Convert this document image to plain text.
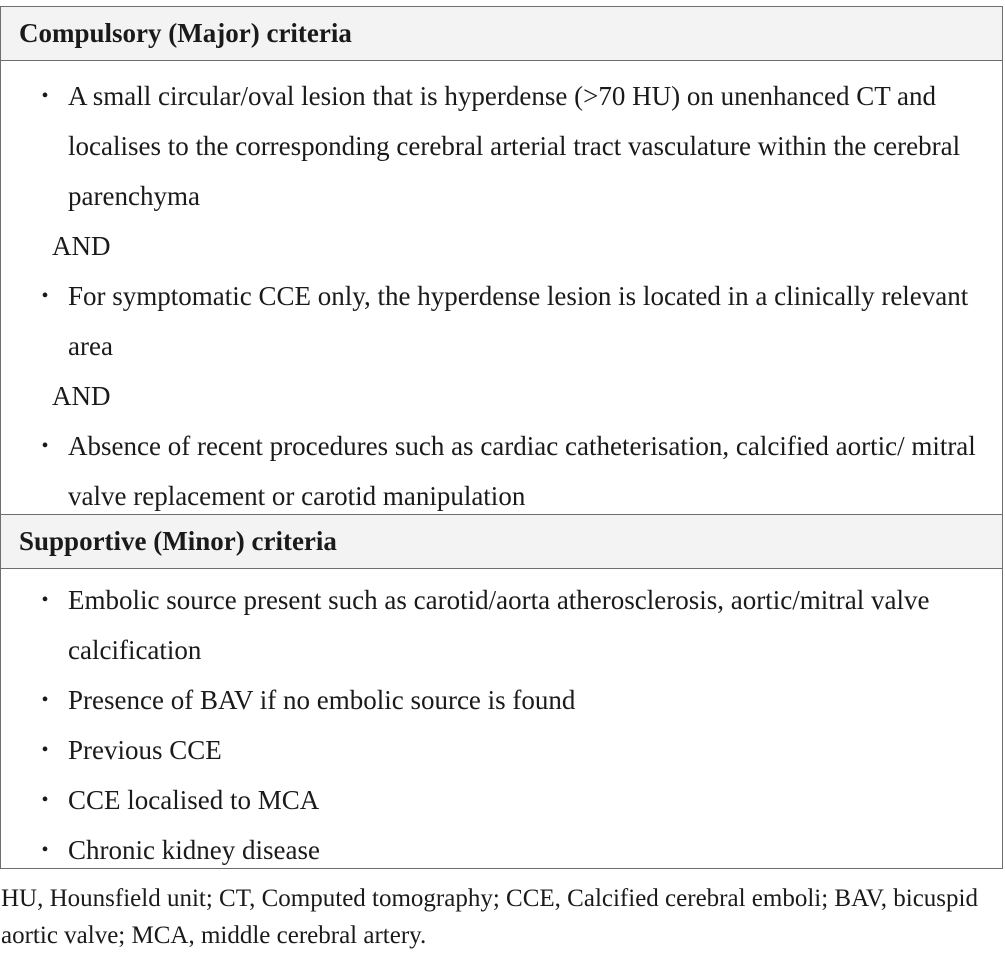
Compulsory (Major) criteria
• A small circular/oval lesion that is hyperdense (>70 HU) on unenhanced CT and localises to the corresponding cerebral arterial tract vasculature within the cerebral parenchyma
AND
• For symptomatic CCE only, the hyperdense lesion is located in a clinically relevant area
AND
• Absence of recent procedures such as cardiac catheterisation, calcified aortic/ mitral valve replacement or carotid manipulation
Supportive (Minor) criteria
• Embolic source present such as carotid/aorta atherosclerosis, aortic/mitral valve calcification
• Presence of BAV if no embolic source is found
• Previous CCE
• CCE localised to MCA
• Chronic kidney disease
HU, Hounsfield unit; CT, Computed tomography; CCE, Calcified cerebral emboli; BAV, bicuspid aortic valve; MCA, middle cerebral artery.
